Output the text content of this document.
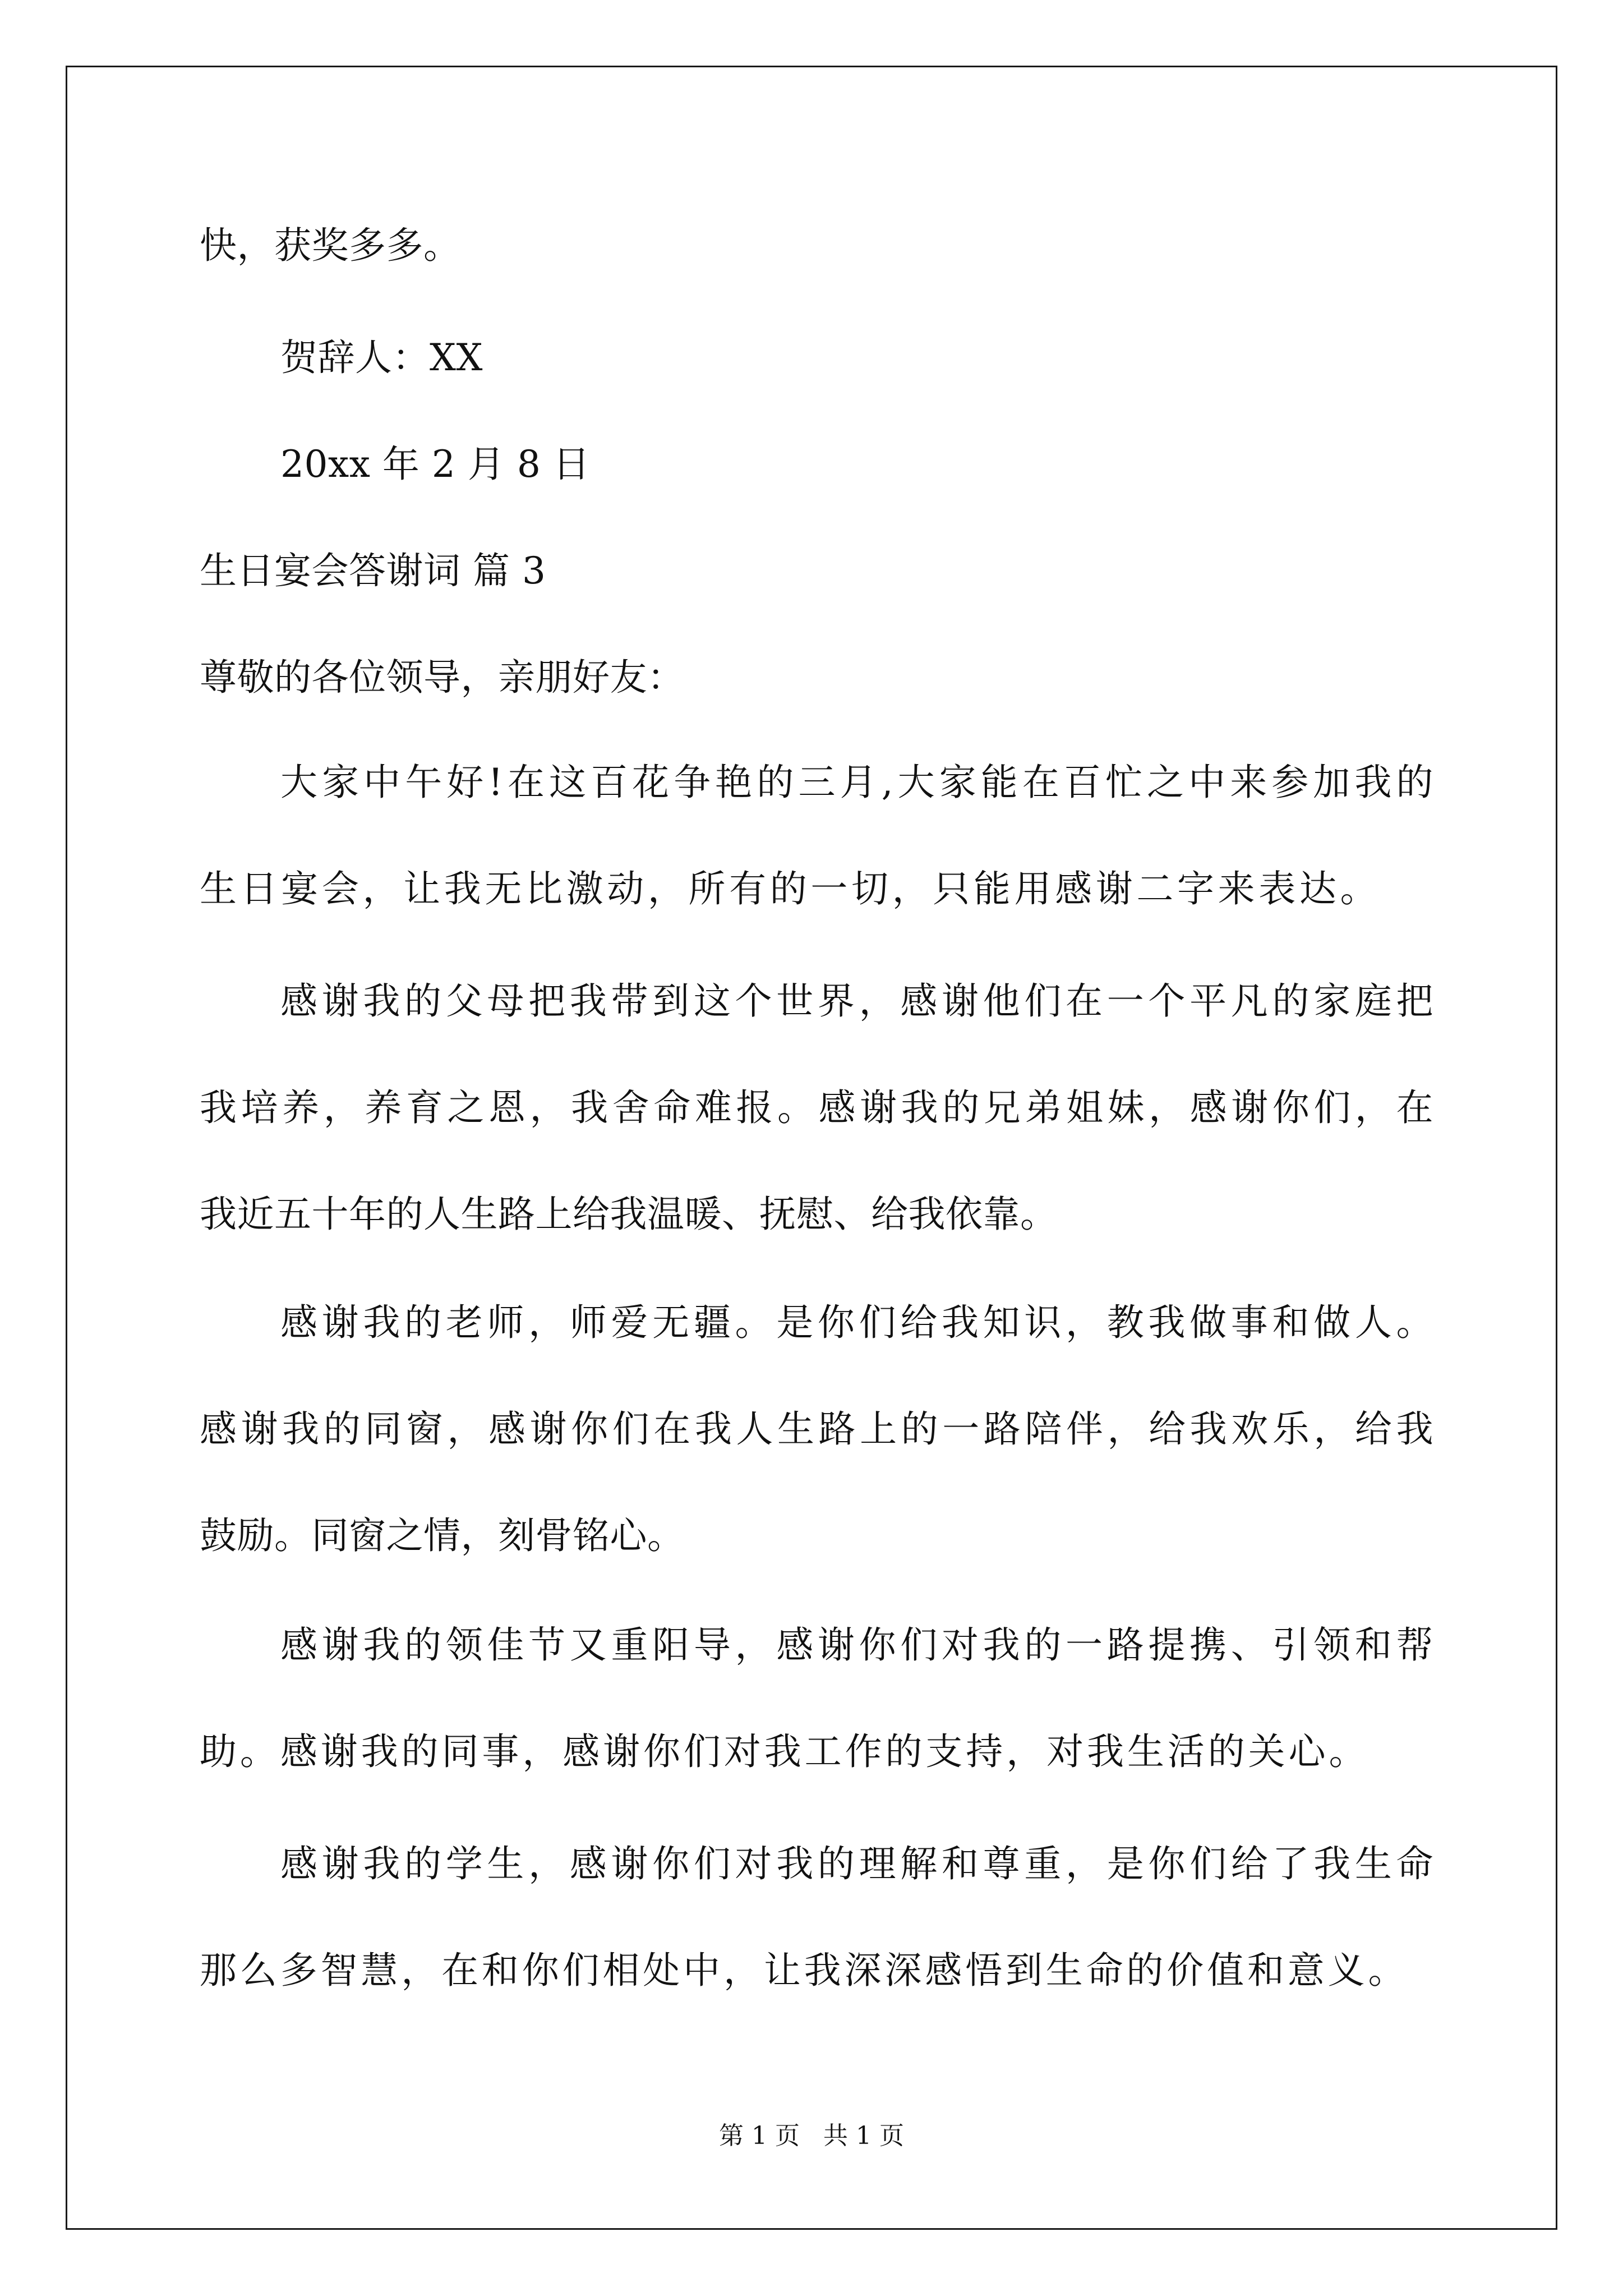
快，获奖多多。
贺辞人：XX
20xx 年 2 月 8 日
生日宴会答谢词 篇 3
尊敬的各位领导，亲朋好友：
大家中午好!在这百花争艳的三月,大家能在百忙之中来参加我的
生日宴会，让我无比激动，所有的一切，只能用感谢二字来表达。
感谢我的父母把我带到这个世界，感谢他们在一个平凡的家庭把
我培养，养育之恩，我舍命难报。感谢我的兄弟姐妹，感谢你们，在
我近五十年的人生路上给我温暖、抚慰、给我依靠。
感谢我的老师，师爱无疆。是你们给我知识，教我做事和做人。
感谢我的同窗，感谢你们在我人生路上的一路陪伴，给我欢乐，给我
鼓励。同窗之情，刻骨铭心。
感谢我的领佳节又重阳导，感谢你们对我的一路提携、引领和帮
助。感谢我的同事，感谢你们对我工作的支持，对我生活的关心。
感谢我的学生，感谢你们对我的理解和尊重，是你们给了我生命
那么多智慧，在和你们相处中，让我深深感悟到生命的价值和意义。
第 1 页   共 1 页
